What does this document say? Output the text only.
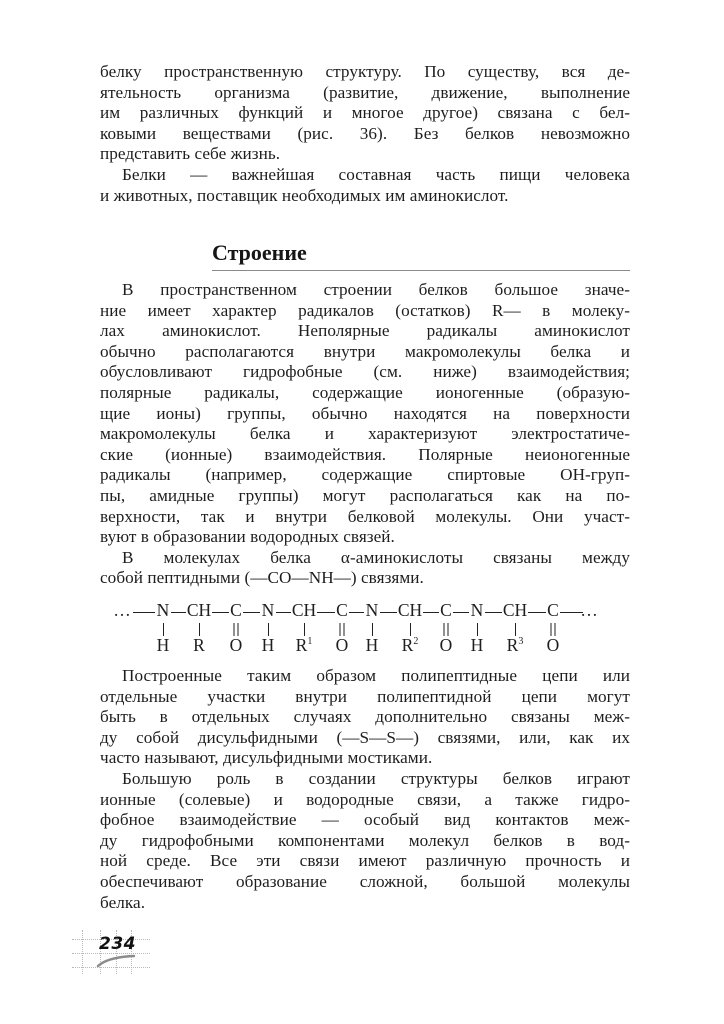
белку пространственную структуру. По существу, вся де-
ятельность организма (развитие, движение, выполнение
им различных функций и многое другое) связана с бел-
ковыми веществами (рис. 36). Без белков невозможно
представить себе жизнь.

Белки — важнейшая составная часть пищи человека
и животных, поставщик необходимых им аминокислот.

Строение

В пространственном строении белков большое значе-
ние имеет характер радикалов (остатков) R— в молеку-
лах аминокислот. Неполярные радикалы аминокислот
обычно располагаются внутри макромолекулы белка и
обусловливают гидрофобные (см. ниже) взаимодействия;
полярные радикалы, содержащие ионогенные (образую-
щие ионы) группы, обычно находятся на поверхности
макромолекулы белка и характеризуют электростатиче-
ские (ионные) взаимодействия. Полярные неионогенные
радикалы (например, содержащие спиртовые ОН-груп-
пы, амидные группы) могут располагаться как на по-
верхности, так и внутри белковой молекулы. Они участ-
вуют в образовании водородных связей.

В молекулах белка α-аминокислоты связаны между
собой пептидными (—CO—NH—) связями.

… N
H
CH
R
C
O
N
H
CH
$R^1$
C
O
N
H
CH
$R^2$
C
O
N
H
CH
$R^3$
C
O
…

Построенные таким образом полипептидные цепи или
отдельные участки внутри полипептидной цепи могут
быть в отдельных случаях дополнительно связаны меж-
ду собой дисульфидными (—S—S—) связями, или, как их
часто называют, дисульфидными мостиками.

Большую роль в создании структуры белков играют
ионные (солевые) и водородные связи, а также гидро-
фобное взаимодействие — особый вид контактов меж-
ду гидрофобными компонентами молекул белков в вод-
ной среде. Все эти связи имеют различную прочность и
обеспечивают образование сложной, большой молекулы
белка.

234
